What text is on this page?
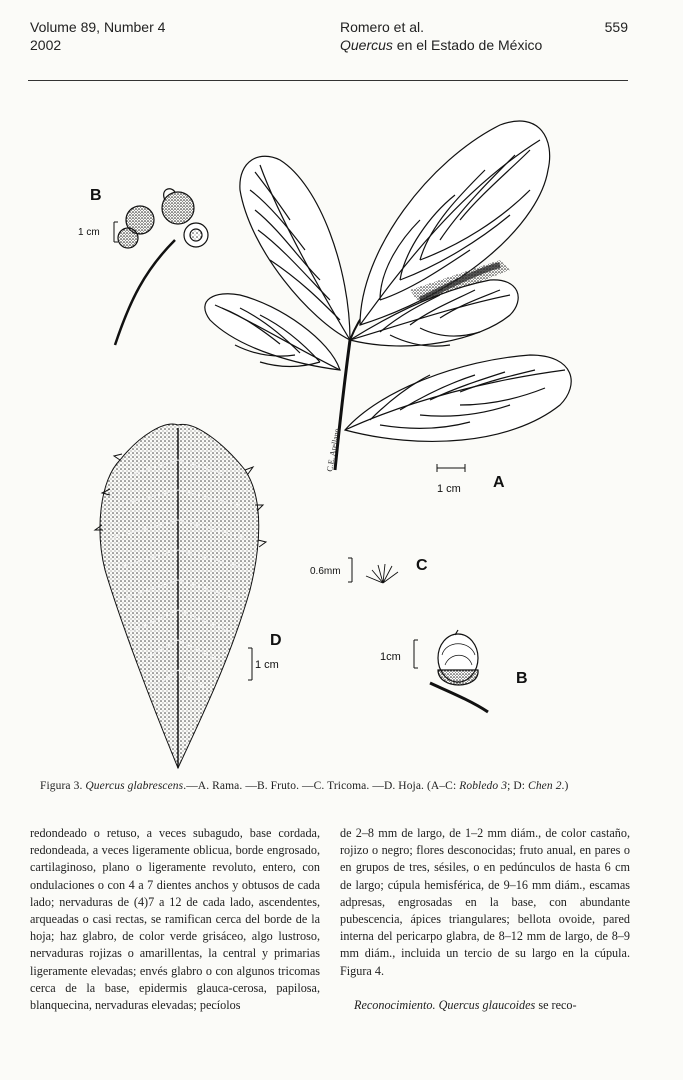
Volume 89, Number 4
2002
Romero et al.
Quercus en el Estado de México
559
C.E. Arellano
1 cm A
1 cm
B
1 cm
D
0.6mm	C
1cm
B
Figura 3. Quercus glabrescens.—A. Rama. —B. Fruto. —C. Tricoma. —D. Hoja. (A–C: Robledo 3; D: Chen 2.)

redondeado o retuso, a veces subagudo, base cordada, redondeada, a veces ligeramente oblicua, borde engrosado, cartilaginoso, plano o ligeramente revoluto, entero, con ondulaciones o con 4 a 7 dientes anchos y obtusos de cada lado; nervaduras de (4)7 a 12 de cada lado, ascendentes, arqueadas o casi rectas, se ramifican cerca del borde de la hoja; haz glabro, de color verde grisáceo, algo lustroso, nervaduras rojizas o amarillentas, la central y primarias ligeramente elevadas; envés glabro o con algunos tricomas cerca de la base, epidermis glauca-cerosa, papilosa, blanquecina, nervaduras elevadas; pecíolos

de 2–8 mm de largo, de 1–2 mm diám., de color castaño, rojizo o negro; flores desconocidas; fruto anual, en pares o en grupos de tres, sésiles, o en pedúnculos de hasta 6 cm de largo; cúpula hemisférica, de 9–16 mm diám., escamas adpresas, engrosadas en la base, con abundante pubescencia, ápices triangulares; bellota ovoide, pared interna del pericarpo glabra, de 8–12 mm de largo, de 8–9 mm diám., incluida un tercio de su largo en la cúpula. Figura 4.

Reconocimiento. Quercus glaucoides se reco-
